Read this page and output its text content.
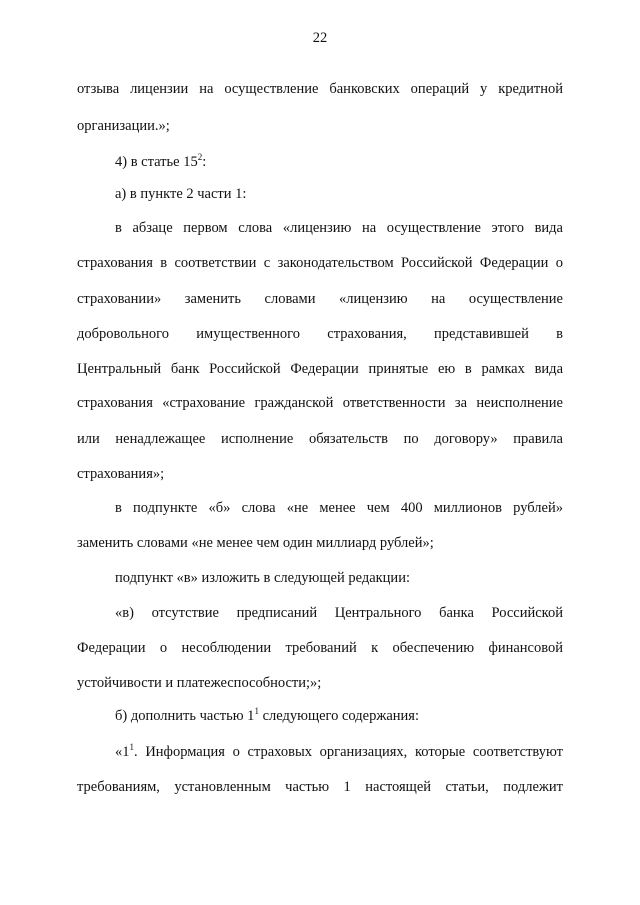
22
отзыва лицензии на осуществление банковских операций у кредитной
организации.»;
4) в статье $15^2$:
а) в пункте 2 части 1:
в абзаце первом слова «лицензию на осуществление этого вида
страхования в соответствии с законодательством Российской Федерации о
страховании» заменить словами «лицензию на осуществление
добровольного имущественного страхования, представившей в
Центральный банк Российской Федерации принятые ею в рамках вида
страхования «страхование гражданской ответственности за неисполнение
или ненадлежащее исполнение обязательств по договору» правила
страхования»;
в подпункте «б» слова «не менее чем 400 миллионов рублей»
заменить словами «не менее чем один миллиард рублей»;
подпункт «в» изложить в следующей редакции:
«в) отсутствие предписаний Центрального банка Российской
Федерации о несоблюдении требований к обеспечению финансовой
устойчивости и платежеспособности;»;
б) дополнить частью $1^1$ следующего содержания:
«$1^1$. Информация о страховых организациях, которые соответствуют
требованиям, установленным частью 1 настоящей статьи, подлежит
